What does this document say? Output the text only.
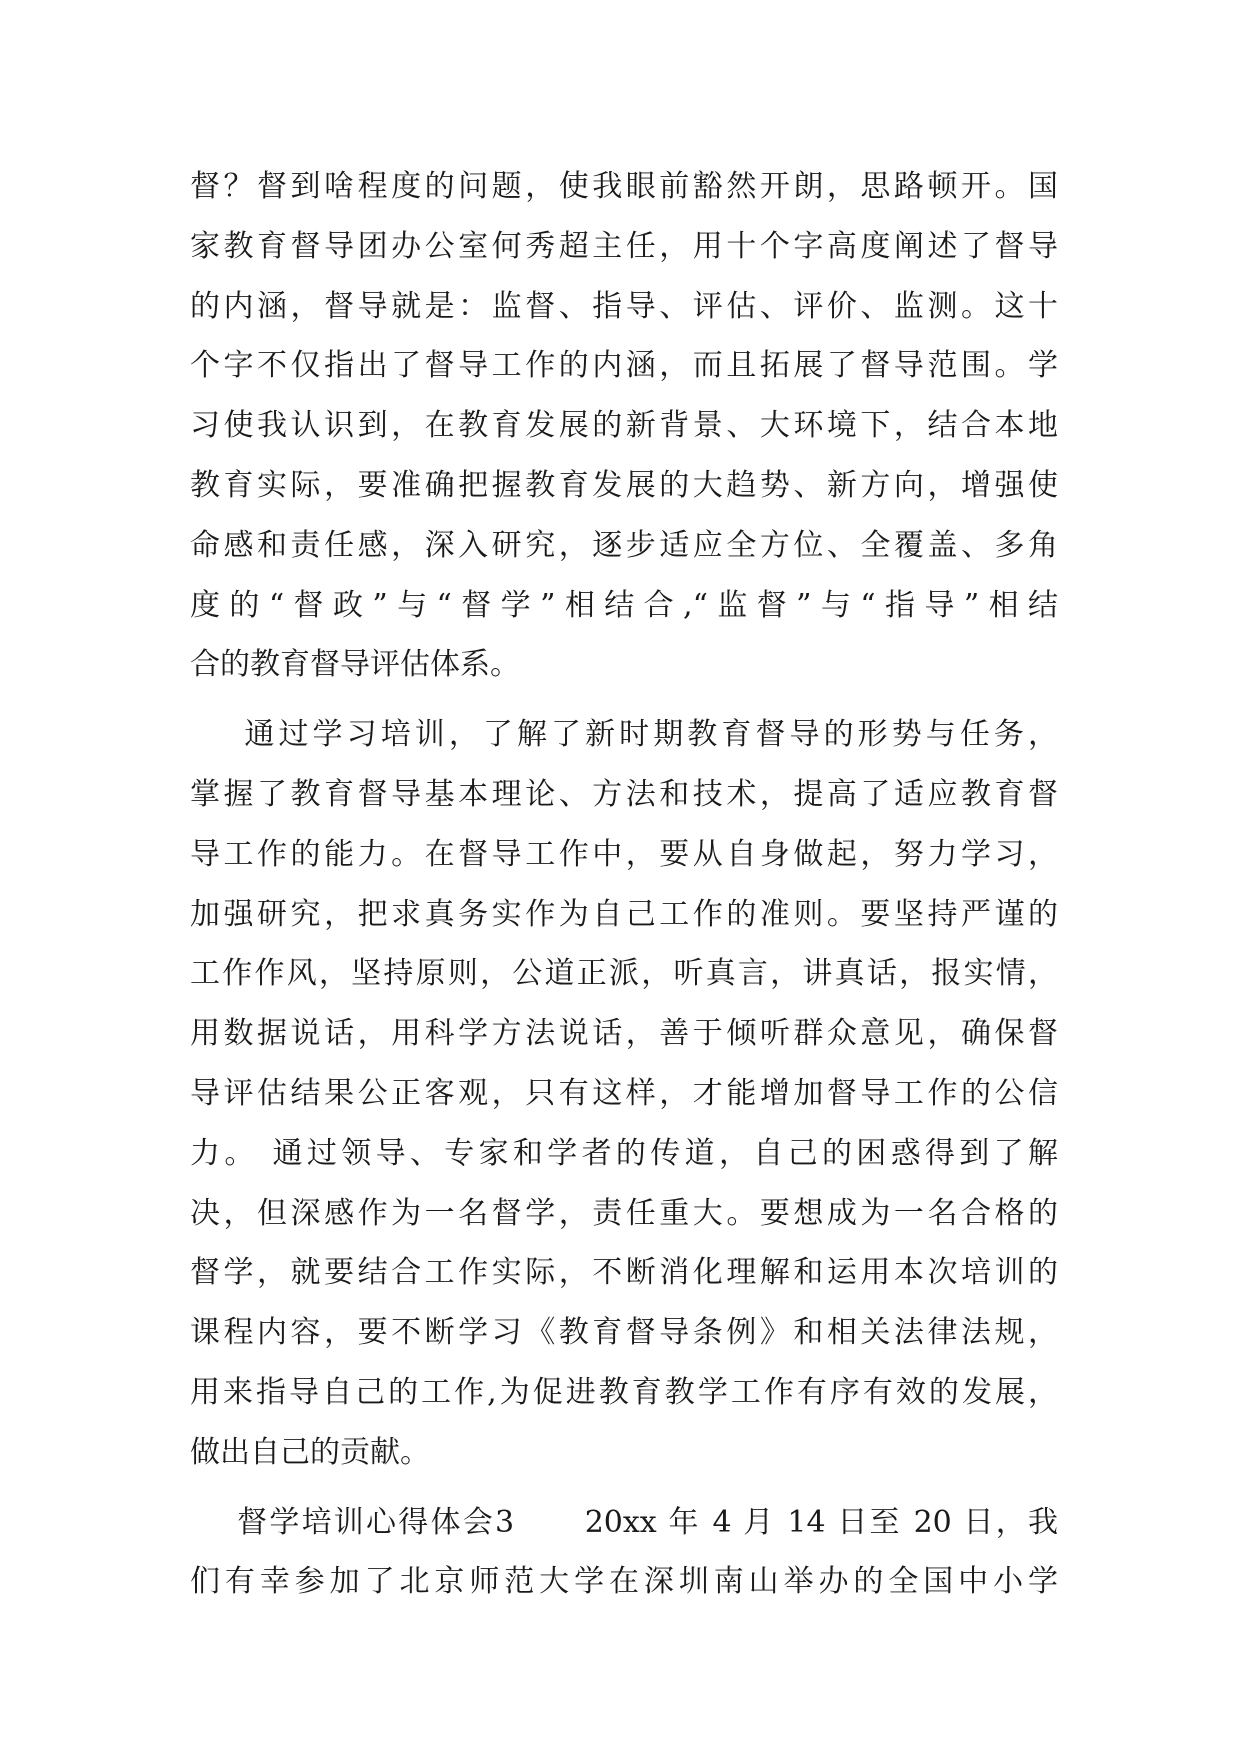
督？督到啥程度的问题，使我眼前豁然开朗，思路顿开。国
家教育督导团办公室何秀超主任，用十个字高度阐述了督导
的内涵，督导就是：监督、指导、评估、评价、监测。这十
个字不仅指出了督导工作的内涵，而且拓展了督导范围。学
习使我认识到，在教育发展的新背景、大环境下，结合本地
教育实际，要准确把握教育发展的大趋势、新方向，增强使
命感和责任感，深入研究，逐步适应全方位、全覆盖、多角
度的“督政”与“督学”相结合,“监督”与“指导”相结
合的教育督导评估体系。
通过学习培训，了解了新时期教育督导的形势与任务，
掌握了教育督导基本理论、方法和技术，提高了适应教育督
导工作的能力。在督导工作中，要从自身做起，努力学习，
加强研究，把求真务实作为自己工作的准则。要坚持严谨的
工作作风，坚持原则，公道正派，听真言，讲真话，报实情，
用数据说话，用科学方法说话，善于倾听群众意见，确保督
导评估结果公正客观，只有这样，才能增加督导工作的公信
力。 通过领导、专家和学者的传道，自己的困惑得到了解
决，但深感作为一名督学，责任重大。要想成为一名合格的
督学，就要结合工作实际，不断消化理解和运用本次培训的
课程内容，要不断学习《教育督导条例》和相关法律法规，
用来指导自己的工作,为促进教育教学工作有序有效的发展，
做出自己的贡献。
督学培训心得体会3      20xx 年 4 月 14 日至 20 日，我
们有幸参加了北京师范大学在深圳南山举办的全国中小学
